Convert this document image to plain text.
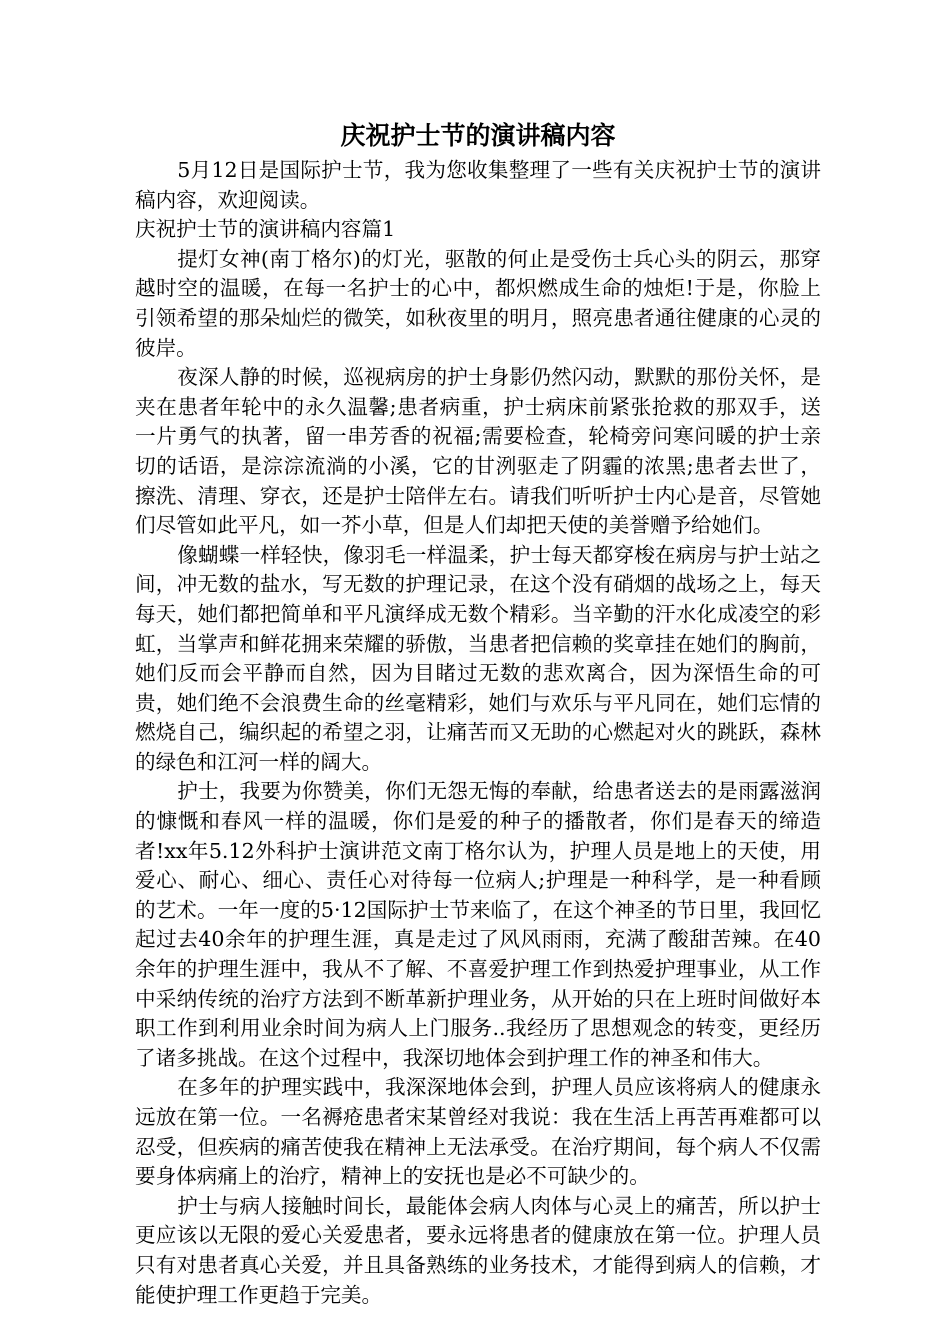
庆祝护士节的演讲稿内容

5月12日是国际护士节，我为您收集整理了一些有关庆祝护士节的演讲稿内容，欢迎阅读。

庆祝护士节的演讲稿内容篇1

提灯女神(南丁格尔)的灯光，驱散的何止是受伤士兵心头的阴云，那穿越时空的温暖，在每一名护士的心中，都炽燃成生命的烛炬!于是，你脸上引领希望的那朵灿烂的微笑，如秋夜里的明月，照亮患者通往健康的心灵的彼岸。

夜深人静的时候，巡视病房的护士身影仍然闪动，默默的那份关怀，是夹在患者年轮中的永久温馨;患者病重，护士病床前紧张抢救的那双手，送一片勇气的执著，留一串芳香的祝福;需要检查，轮椅旁问寒问暖的护士亲切的话语，是淙淙流淌的小溪，它的甘洌驱走了阴霾的浓黑;患者去世了，擦洗、清理、穿衣，还是护士陪伴左右。请我们听听护士内心是音，尽管她们尽管如此平凡，如一芥小草，但是人们却把天使的美誉赠予给她们。

像蝴蝶一样轻快，像羽毛一样温柔，护士每天都穿梭在病房与护士站之间，冲无数的盐水，写无数的护理记录，在这个没有硝烟的战场之上，每天每天，她们都把简单和平凡演绎成无数个精彩。当辛勤的汗水化成凌空的彩虹，当掌声和鲜花拥来荣耀的骄傲，当患者把信赖的奖章挂在她们的胸前，她们反而会平静而自然，因为目睹过无数的悲欢离合，因为深悟生命的可贵，她们绝不会浪费生命的丝毫精彩，她们与欢乐与平凡同在，她们忘情的燃烧自己，编织起的希望之羽，让痛苦而又无助的心燃起对火的跳跃，森林的绿色和江河一样的阔大。

护士，我要为你赞美，你们无怨无悔的奉献，给患者送去的是雨露滋润的慷慨和春风一样的温暖，你们是爱的种子的播散者，你们是春天的缔造者!xx年5.12外科护士演讲范文南丁格尔认为，护理人员是地上的天使，用爱心、耐心、细心、责任心对待每一位病人;护理是一种科学，是一种看顾的艺术。一年一度的5·12国际护士节来临了，在这个神圣的节日里，我回忆起过去40余年的护理生涯，真是走过了风风雨雨，充满了酸甜苦辣。在40余年的护理生涯中，我从不了解、不喜爱护理工作到热爱护理事业，从工作中采纳传统的治疗方法到不断革新护理业务，从开始的只在上班时间做好本职工作到利用业余时间为病人上门服务..我经历了思想观念的转变，更经历了诸多挑战。在这个过程中，我深切地体会到护理工作的神圣和伟大。

在多年的护理实践中，我深深地体会到，护理人员应该将病人的健康永远放在第一位。一名褥疮患者宋某曾经对我说：我在生活上再苦再难都可以忍受，但疾病的痛苦使我在精神上无法承受。在治疗期间，每个病人不仅需要身体病痛上的治疗，精神上的安抚也是必不可缺少的。

护士与病人接触时间长，最能体会病人肉体与心灵上的痛苦，所以护士更应该以无限的爱心关爱患者，要永远将患者的健康放在第一位。护理人员只有对患者真心关爱，并且具备熟练的业务技术，才能得到病人的信赖，才能使护理工作更趋于完美。
